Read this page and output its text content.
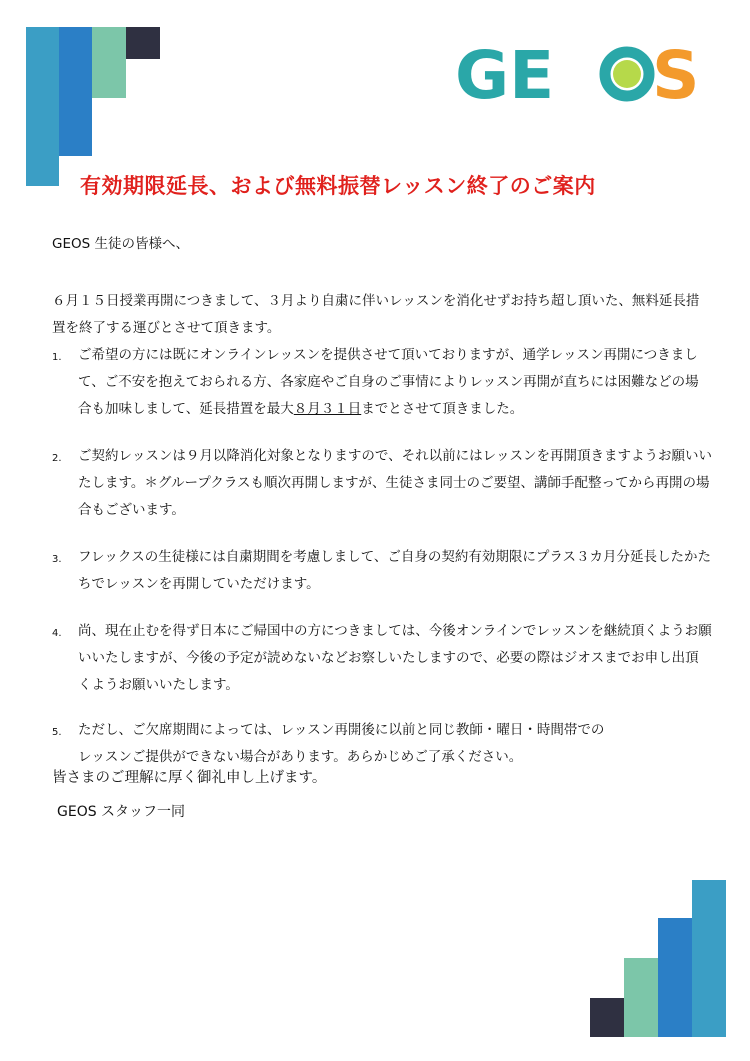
GE S
有効期限延長、および無料振替レッスン終了のご案内
GEOS 生徒の皆様へ、
６月１５日授業再開につきまして、３月より自粛に伴いレッスンを消化せずお持ち超し頂いた、無料延長措置を終了する運びとさせて頂きます。
1. ご希望の方には既にオンラインレッスンを提供させて頂いておりますが、通学レッスン再開につきまして、ご不安を抱えておられる方、各家庭やご自身のご事情によりレッスン再開が直ちには困難などの場合も加味しまして、延長措置を最大８月３１日までとさせて頂きました。
2. ご契約レッスンは９月以降消化対象となりますので、それ以前にはレッスンを再開頂きますようお願いいたします。＊グループクラスも順次再開しますが、生徒さま同士のご要望、講師手配整ってから再開の場合もございます。
3. フレックスの生徒様には自粛期間を考慮しまして、ご自身の契約有効期限にプラス３カ月分延長したかたちでレッスンを再開していただけます。
4. 尚、現在止むを得ず日本にご帰国中の方につきましては、今後オンラインでレッスンを継続頂くようお願いいたしますが、今後の予定が読めないなどお察しいたしますので、必要の際はジオスまでお申し出頂くようお願いいたします。
5. ただし、ご欠席期間によっては、レッスン再開後に以前と同じ教師・曜日・時間帯での
レッスンご提供ができない場合があります。あらかじめご了承ください。
皆さまのご理解に厚く御礼申し上げます。
GEOS スタッフ一同
